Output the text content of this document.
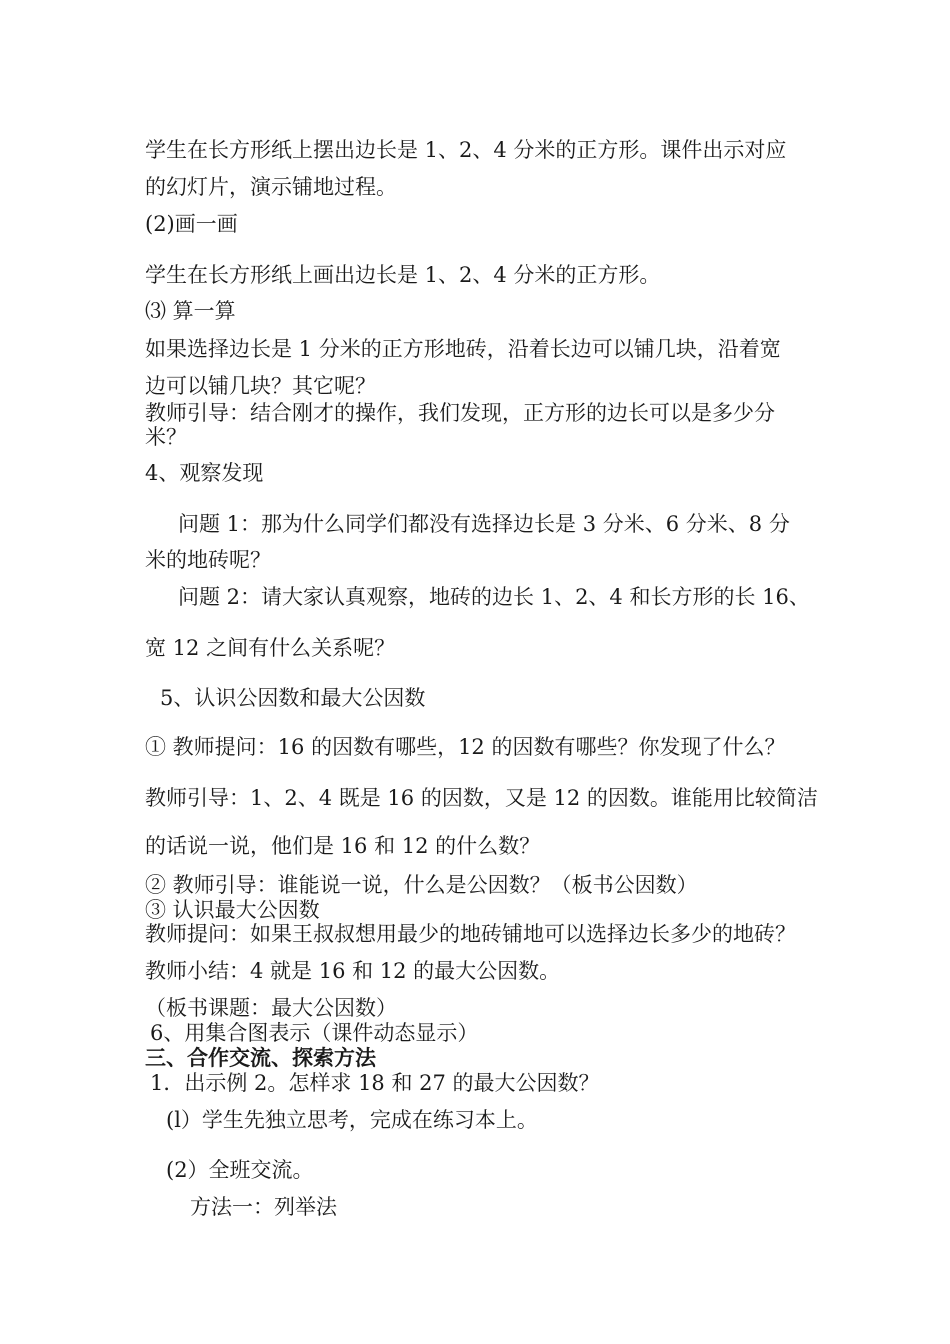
学生在长方形纸上摆出边长是 1、2、4 分米的正方形。课件出示对应
的幻灯片，演示铺地过程。
(2)画一画
学生在长方形纸上画出边长是 1、2、4 分米的正方形。
⑶ 算一算
如果选择边长是 1 分米的正方形地砖，沿着长边可以铺几块，沿着宽
边可以铺几块？其它呢？
教师引导：结合刚才的操作，我们发现，正方形的边长可以是多少分
米？
4、观察发现
问题 1：那为什么同学们都没有选择边长是 3 分米、6 分米、8 分
米的地砖呢？
问题 2：请大家认真观察，地砖的边长 1、2、4 和长方形的长 16、
宽 12 之间有什么关系呢？
5、认识公因数和最大公因数
① 教师提问：16 的因数有哪些，12 的因数有哪些？你发现了什么？
教师引导：1、2、4 既是 16 的因数，又是 12 的因数。谁能用比较简洁
的话说一说，他们是 16 和 12 的什么数？
② 教师引导：谁能说一说，什么是公因数？（板书公因数）
③ 认识最大公因数
教师提问：如果王叔叔想用最少的地砖铺地可以选择边长多少的地砖？
教师小结：4 就是 16 和 12 的最大公因数。
（板书课题：最大公因数）
6、用集合图表示（课件动态显示）
三、合作交流、探索方法
1．出示例 2。怎样求 18 和 27 的最大公因数？
(l）学生先独立思考，完成在练习本上。
(2）全班交流。
方法一：列举法
